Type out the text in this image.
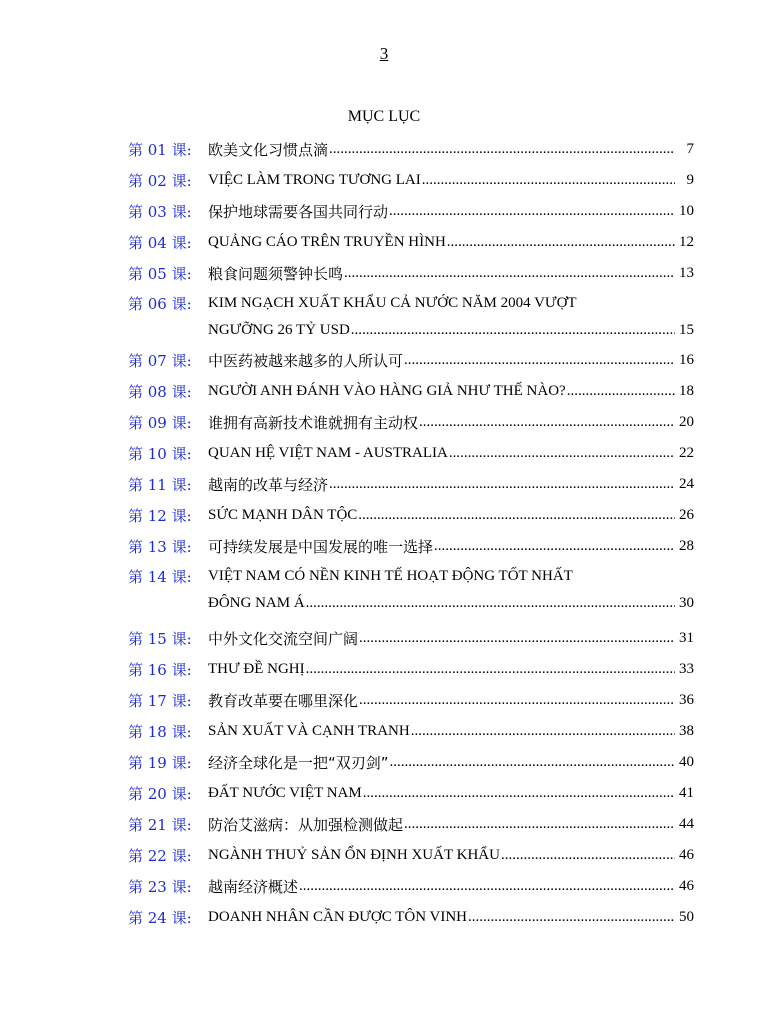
3
MỤC LỤC
第 01 课:	欧美文化习惯点滴 .....	7
第 02 课:	VIỆC LÀM TRONG TƯƠNG LAI .....	9
第 03 课:	保护地球需要各国共同行动 .....	10
第 04 课:	QUẢNG CÁO TRÊN TRUYỀN HÌNH .....	12
第 05 课:	粮食问题须警钟长鸣 .....	13
第 06 课:	KIM NGẠCH XUẤT KHẨU CẢ NƯỚC NĂM 2004 VƯỢT
NGƯỠNG 26 TỶ USD .....	15
第 07 课:	中医药被越来越多的人所认可 .....	16
第 08 课:	NGƯỜI ANH ĐÁNH VÀO HÀNG GIẢ NHƯ THẾ NÀO? .....	18
第 09 课:	谁拥有高新技术谁就拥有主动权 .....	20
第 10 课:	QUAN HỆ VIỆT NAM - AUSTRALIA .....	22
第 11 课:	越南的改革与经济 .....	24
第 12 课:	SỨC MẠNH DÂN TỘC .....	26
第 13 课:	可持续发展是中国发展的唯一选择 .....	28
第 14 课:	VIỆT NAM CÓ NỀN KINH TẾ HOẠT ĐỘNG TỐT NHẤT
ĐÔNG NAM Á .....	30
第 15 课:	中外文化交流空间广阔 .....	31
第 16 课:	THƯ ĐỀ NGHỊ .....	33
第 17 课:	教育改革要在哪里深化 .....	36
第 18 课:	SẢN XUẤT VÀ CẠNH TRANH .....	38
第 19 课:	经济全球化是一把“双刃剑” .....	40
第 20 课:	ĐẤT NƯỚC VIỆT NAM .....	41
第 21 课:	防治艾滋病：从加强检测做起 .....	44
第 22 课:	NGÀNH THUỶ SẢN ỔN ĐỊNH XUẤT KHẨU .....	46
第 23 课:	越南经济概述 .....	46
第 24 课:	DOANH NHÂN CẦN ĐƯỢC TÔN VINH .....	50
